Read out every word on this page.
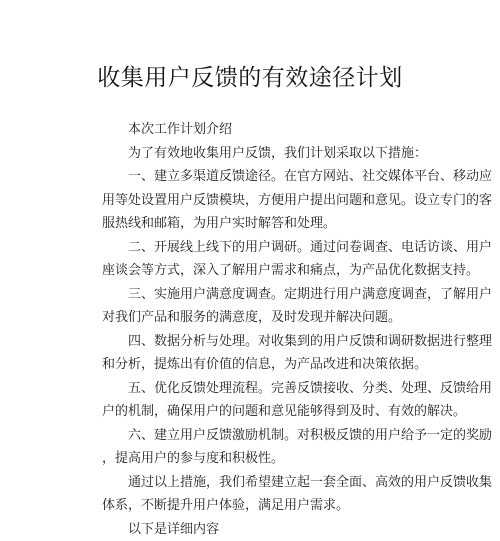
收集用户反馈的有效途径计划
本次工作计划介绍
为了有效地收集用户反馈，我们计划采取以下措施：
一、建立多渠道反馈途径。在官方网站、社交媒体平台、移动应
用等处设置用户反馈模块，方便用户提出问题和意见。设立专门的客
服热线和邮箱，为用户实时解答和处理。
二、开展线上线下的用户调研。通过问卷调查、电话访谈、用户
座谈会等方式，深入了解用户需求和痛点，为产品优化数据支持。
三、实施用户满意度调查。定期进行用户满意度调查，了解用户
对我们产品和服务的满意度，及时发现并解决问题。
四、数据分析与处理。对收集到的用户反馈和调研数据进行整理
和分析，提炼出有价值的信息，为产品改进和决策依据。
五、优化反馈处理流程。完善反馈接收、分类、处理、反馈给用
户的机制，确保用户的问题和意见能够得到及时、有效的解决。
六、建立用户反馈激励机制。对积极反馈的用户给予一定的奖励
，提高用户的参与度和积极性。
通过以上措施，我们希望建立起一套全面、高效的用户反馈收集
体系，不断提升用户体验，满足用户需求。
以下是详细内容
